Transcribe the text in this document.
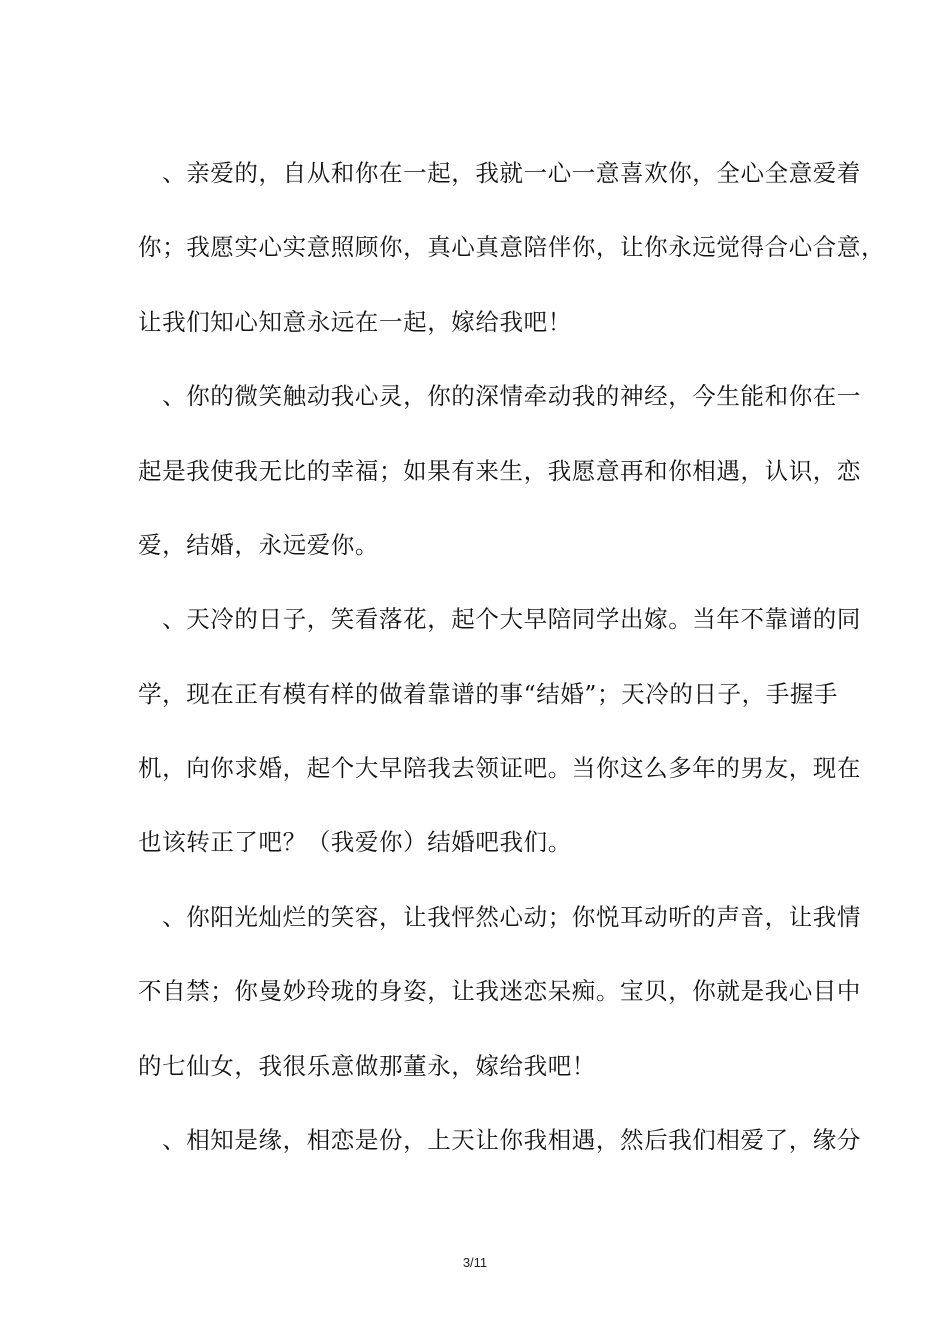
　、亲爱的，自从和你在一起，我就一心一意喜欢你，全心全意爱着
你；我愿实心实意照顾你，真心真意陪伴你，让你永远觉得合心合意，
让我们知心知意永远在一起，嫁给我吧！
　、你的微笑触动我心灵，你的深情牵动我的神经，今生能和你在一
起是我使我无比的幸福；如果有来生，我愿意再和你相遇，认识，恋
爱，结婚，永远爱你。
　、天冷的日子，笑看落花，起个大早陪同学出嫁。当年不靠谱的同
学，现在正有模有样的做着靠谱的事“结婚”；天冷的日子，手握手
机，向你求婚，起个大早陪我去领证吧。当你这么多年的男友，现在
也该转正了吧？（我爱你）结婚吧我们。
　、你阳光灿烂的笑容，让我怦然心动；你悦耳动听的声音，让我情
不自禁；你曼妙玲珑的身姿，让我迷恋呆痴。宝贝，你就是我心目中
的七仙女，我很乐意做那董永，嫁给我吧！
　、相知是缘，相恋是份，上天让你我相遇，然后我们相爱了，缘分
3/11
